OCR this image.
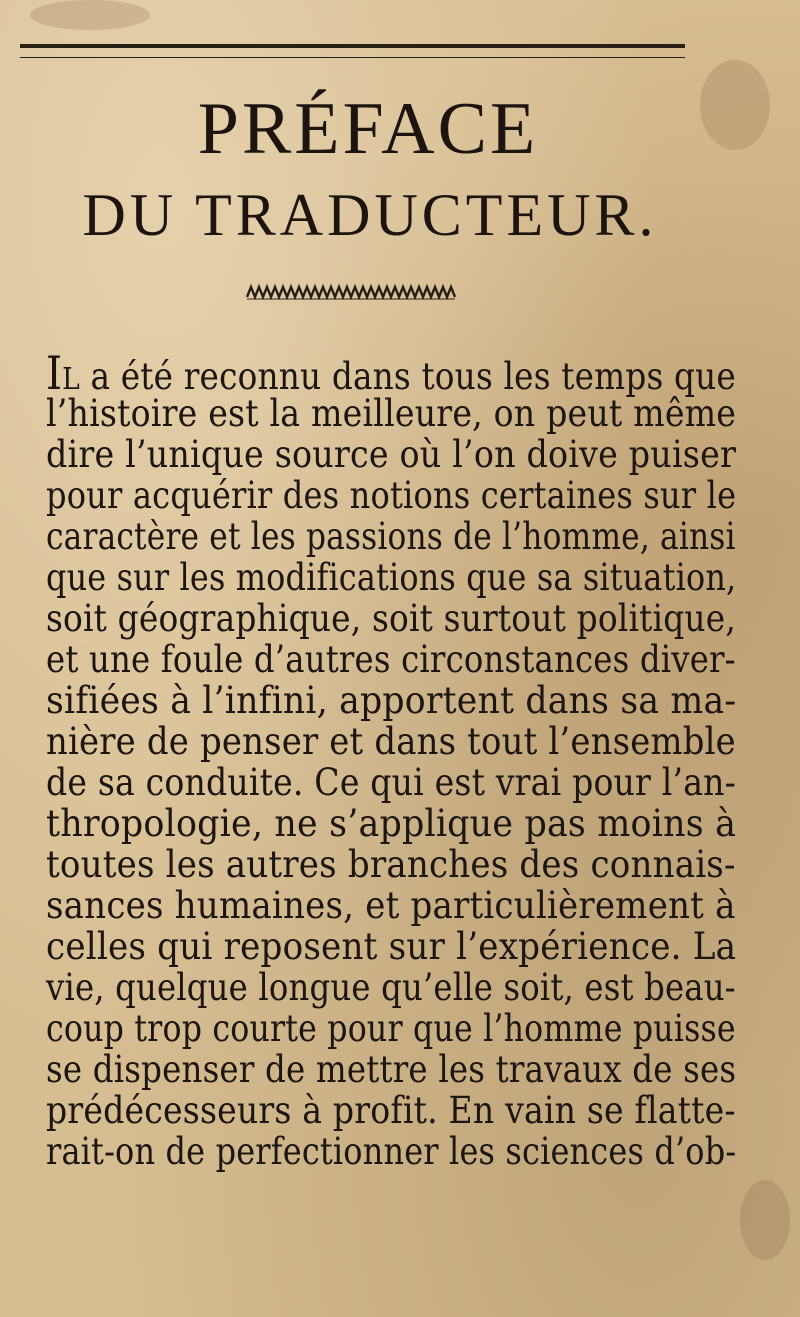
PRÉFACE
DU TRADUCTEUR.
IL a été reconnu dans tous les temps que
l’histoire est la meilleure, on peut même
dire l’unique source où l’on doive puiser
pour acquérir des notions certaines sur le
caractère et les passions de l’homme, ainsi
que sur les modifications que sa situation,
soit géographique, soit surtout politique,
et une foule d’autres circonstances diver-
sifiées à l’infini, apportent dans sa ma-
nière de penser et dans tout l’ensemble
de sa conduite. Ce qui est vrai pour l’an-
thropologie, ne s’applique pas moins à
toutes les autres branches des connais-
sances humaines, et particulièrement à
celles qui reposent sur l’expérience. La
vie, quelque longue qu’elle soit, est beau-
coup trop courte pour que l’homme puisse
se dispenser de mettre les travaux de ses
prédécesseurs à profit. En vain se flatte-
rait-on de perfectionner les sciences d’ob-
